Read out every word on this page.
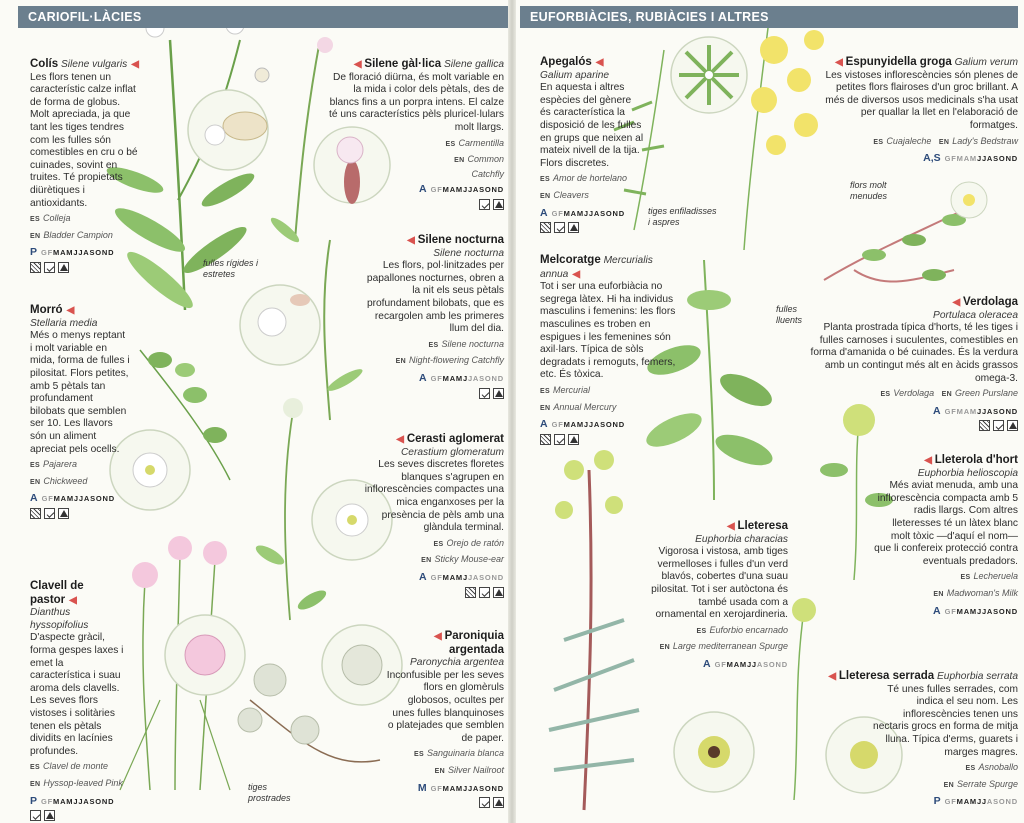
CARIOFIL·LÀCIES
Colís Silene vulgaris ◀
Les flors tenen un característic calze inflat de forma de globus. Molt apreciada, ja que tant les tiges tendres com les fulles són comestibles en cru o bé cuinades, sovint en truites. Té propietats diürètiques i antioxidants.
ES Colleja
EN Bladder Campion
P GFMAMJJASOND
◀ Silene gàl·lica Silene gallica
De floració diürna, és molt variable en la mida i color dels pètals, des de blancs fins a un porpra intens. El calze té uns característics pèls pluricel·lulars molt llargs.
ES Carmentilla
EN Common Catchfly
A GFMAMJJASOND
◀ Silene nocturna
Silene nocturna
Les flors, pol·linitzades per papallones nocturnes, obren a la nit els seus pètals profundament bilobats, que es recargolen amb les primeres llum del dia.
ES Silene nocturna
EN Night-flowering Catchfly
A GFMAMJJASOND
Morró ◀
Stellaria media
Més o menys reptant i molt variable en mida, forma de fulles i pilositat. Flors petites, amb 5 pètals tan profundament bilobats que semblen ser 10. Les llavors són un aliment apreciat pels ocells.
ES Pajarera
EN Chickweed
A GFMAMJJASOND
◀ Cerasti aglomerat
Cerastium glomeratum
Les seves discretes floretes blanques s'agrupen en inflorescències compactes una mica enganxoses per la presència de pèls amb una glàndula terminal.
ES Orejo de ratón
EN Sticky Mouse-ear
A GFMAMJJASOND
Clavell de pastor ◀
Dianthus hyssopifolius
D'aspecte gràcil, forma gespes laxes i emet la característica i suau aroma dels clavells. Les seves flors vistoses i solitàries tenen els pètals dividits en lacínies profundes.
ES Clavel de monte
EN Hyssop-leaved Pink
P GFMAMJJASOND
◀ Paroniquia argentada
Paronychia argentea
Inconfusible per les seves flors en glomèruls globosos, ocultes per unes fulles blanquinoses o platejades que semblen de paper.
ES Sanguinaria blanca
EN Silver Nailroot
M GFMAMJJASOND
fulles rígides i estretes
tiges prostrades
EUFORBIÀCIES, RUBIÀCIES I ALTRES
Apegalós ◀
Galium aparine
En aquesta i altres espècies del gènere és característica la disposició de les fulles en grups que neixen al mateix nivell de la tija. Flors discretes.
ES Amor de hortelano
EN Cleavers
A GFMAMJJASOND
◀ Espunyidella groga Galium verum
Les vistoses inflorescències són plenes de petites flors flairoses d'un groc brillant. A més de diversos usos medicinals s'ha usat per quallar la llet en l'elaboració de formatges.
ES Cuajaleche EN Lady's Bedstraw
A,S GFMAMJJASOND
Melcoratge Mercurialis annua ◀
Tot i ser una euforbiàcia no segrega làtex. Hi ha individus masculins i femenins: les flors masculines es troben en espigues i les femenines són axil·lars. Típica de sòls degradats i remoguts, femers, etc. És tòxica.
ES Mercurial
EN Annual Mercury
A GFMAMJJASOND
◀ Verdolaga
Portulaca oleracea
Planta prostrada típica d'horts, té les tiges i fulles carnoses i suculentes, comestibles en forma d'amanida o bé cuinades. És la verdura amb un contingut més alt en àcids grassos omega-3.
ES Verdolaga EN Green Purslane
A GFMAMJJASOND
◀ Lleterola d'hort
Euphorbia helioscopia
Més aviat menuda, amb una inflorescència compacta amb 5 radis llargs. Com altres lleteresses té un làtex blanc molt tòxic —d'aquí el nom— que li confereix protecció contra eventuals predadors.
ES Lecheruela
EN Madwoman's Milk
A GFMAMJJASOND
◀ Lleteresa
Euphorbia characias
Vigorosa i vistosa, amb tiges vermelloses i fulles d'un verd blavós, cobertes d'una suau pilositat. Tot i ser autòctona és també usada com a ornamental en xerojardineria.
ES Euforbio encarnado
EN Large mediterranean Spurge
A GFMAMJJASOND
◀ Lleteresa serrada Euphorbia serrata
Té unes fulles serrades, com indica el seu nom. Les inflorescències tenen uns nectaris grocs en forma de mitja lluna. Típica d'erms, guarets i marges magres.
ES Asnoballo
EN Serrate Spurge
P GFMAMJJASOND
tiges enfiladisses i aspres
fulles lluents
flors molt menudes
